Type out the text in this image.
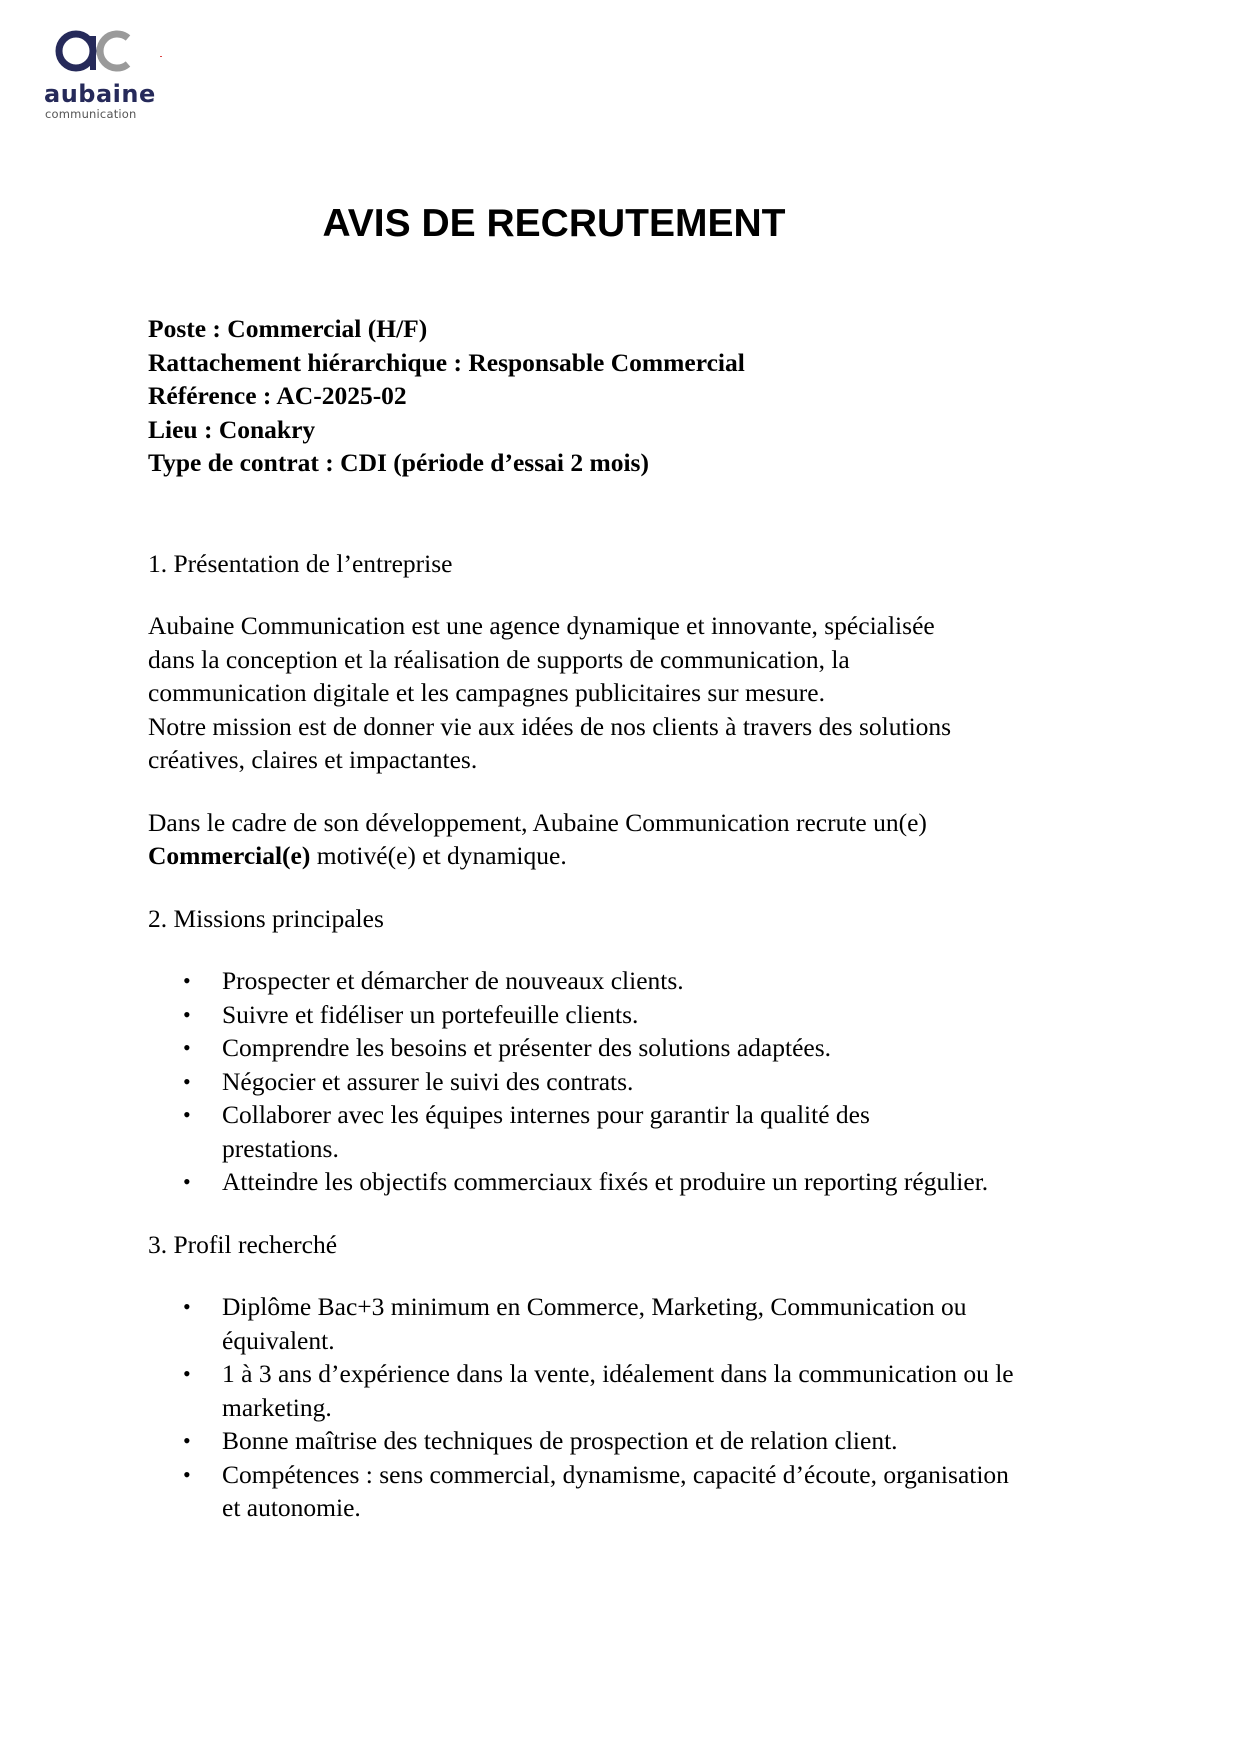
aubaine
communication
AVIS DE RECRUTEMENT

Poste : Commercial (H/F)

Rattachement hiérarchique : Responsable Commercial

Référence : AC-2025-02

Lieu : Conakry

Type de contrat : CDI (période d’essai 2 mois)

1. Présentation de l’entreprise

Aubaine Communication est une agence dynamique et innovante, spécialisée
dans la conception et la réalisation de supports de communication, la
communication digitale et les campagnes publicitaires sur mesure.
Notre mission est de donner vie aux idées de nos clients à travers des solutions
créatives, claires et impactantes.
Dans le cadre de son développement, Aubaine Communication recrute un(e)
Commercial(e) motivé(e) et dynamique.

2. Missions principales

• Prospecter et démarcher de nouveaux clients.
• Suivre et fidéliser un portefeuille clients.
• Comprendre les besoins et présenter des solutions adaptées.
• Négocier et assurer le suivi des contrats.
• Collaborer avec les équipes internes pour garantir la qualité des prestations.
• Atteindre les objectifs commerciaux fixés et produire un reporting régulier.

3. Profil recherché

• Diplôme Bac+3 minimum en Commerce, Marketing, Communication ou équivalent.
• 1 à 3 ans d’expérience dans la vente, idéalement dans la communication ou le marketing.
• Bonne maîtrise des techniques de prospection et de relation client.
• Compétences : sens commercial, dynamisme, capacité d’écoute, organisation et autonomie.
